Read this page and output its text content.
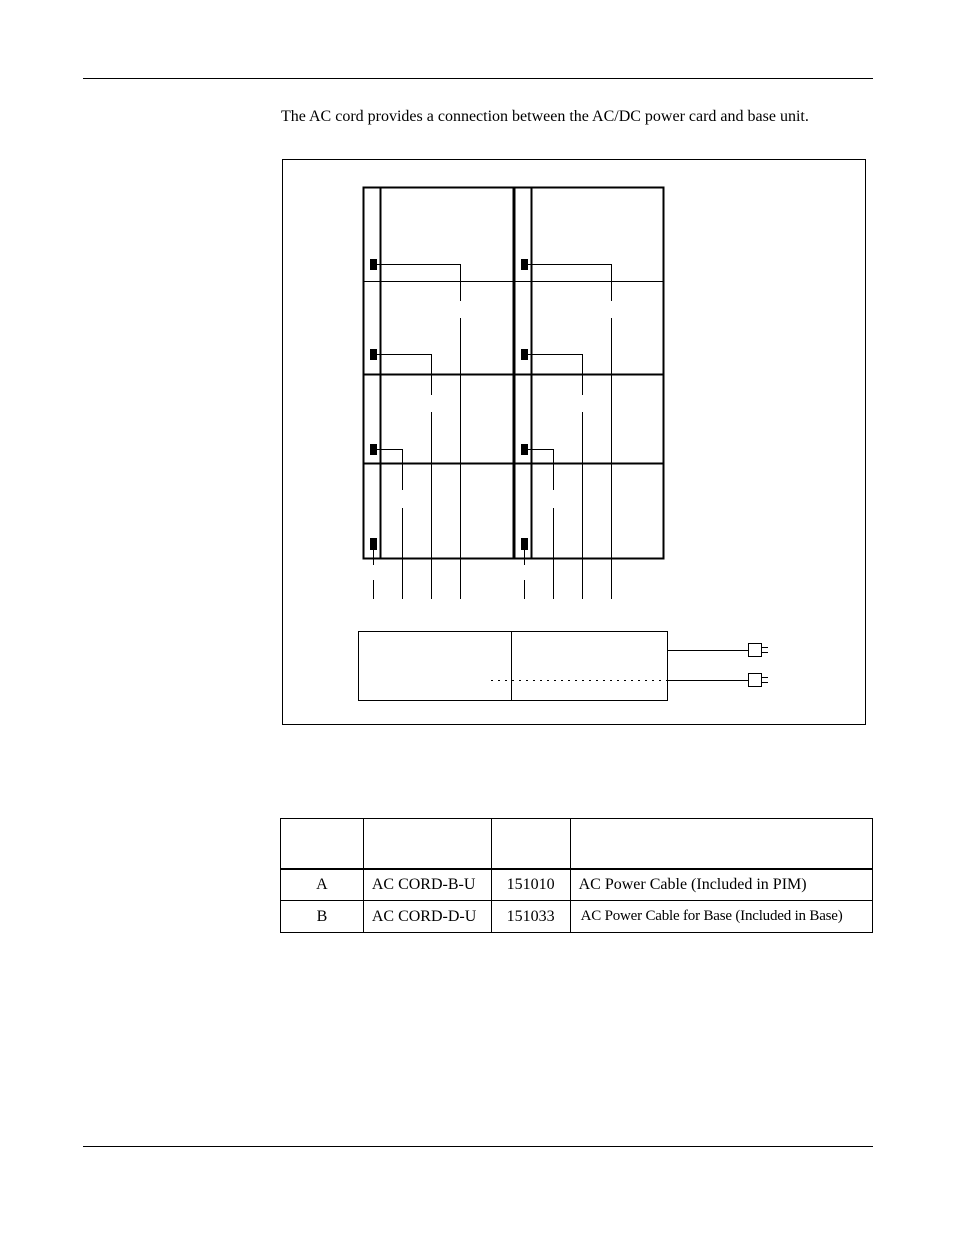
The AC cord provides a connection between the AC/DC power card and base unit.

A	AC CORD-B-U	151010	AC Power Cable (Included in PIM)
B	AC CORD-D-U	151033	AC Power Cable for Base (Included in Base)
